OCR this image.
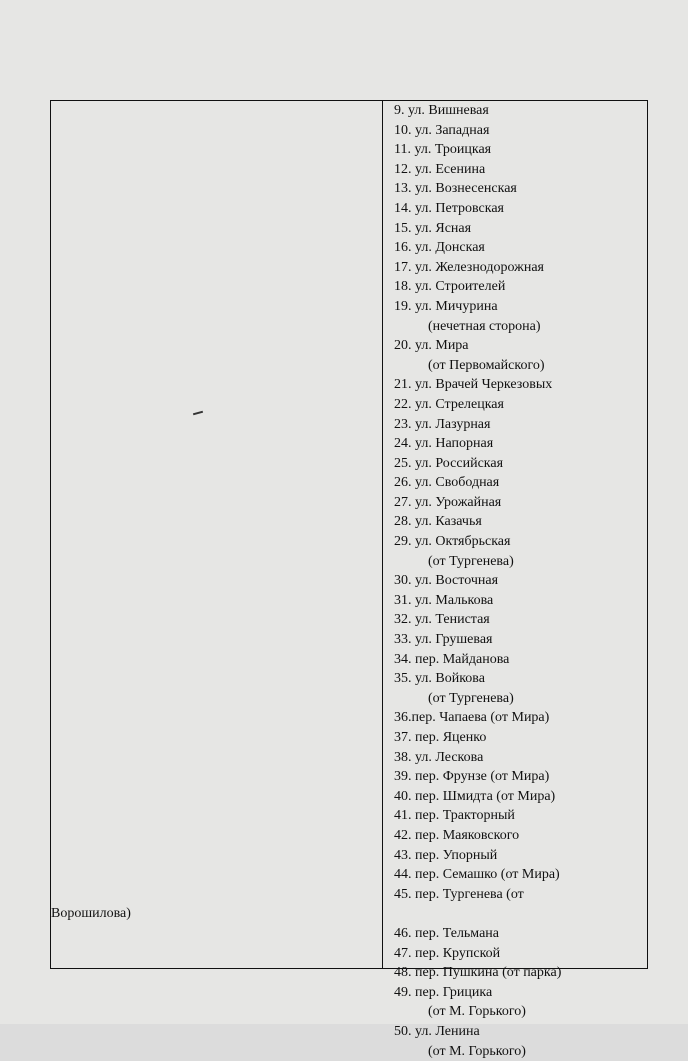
9. ул. Вишневая
10. ул. Западная
11. ул. Троицкая
12. ул. Есенина
13. ул. Вознесенская
14. ул. Петровская
15. ул. Ясная
16. ул. Донская
17. ул. Железнодорожная
18. ул. Строителей
19. ул. Мичурина
(нечетная сторона)
20. ул. Мира
(от Первомайского)
21. ул. Врачей Черкезовых
22. ул. Стрелецкая
23. ул. Лазурная
24. ул. Напорная
25. ул. Российская
26. ул. Свободная
27. ул. Урожайная
28. ул. Казачья
29. ул. Октябрьская
(от Тургенева)
30. ул. Восточная
31. ул. Малькова
32. ул. Тенистая
33. ул. Грушевая
34. пер. Майданова
35. ул. Войкова
(от Тургенева)
36.пер. Чапаева (от Мира)
37. пер. Яценко
38. ул. Лескова
39. пер. Фрунзе (от Мира)
40. пер. Шмидта (от Мира)
41. пер. Тракторный
42. пер. Маяковского
43. пер. Упорный
44. пер. Семашко (от Мира)
45. пер. Тургенева (от
Ворошилова)
46. пер. Тельмана
47. пер. Крупской
48. пер. Пушкина (от парка)
49. пер. Грицика
(от М. Горького)
50. ул. Ленина
(от М. Горького)
